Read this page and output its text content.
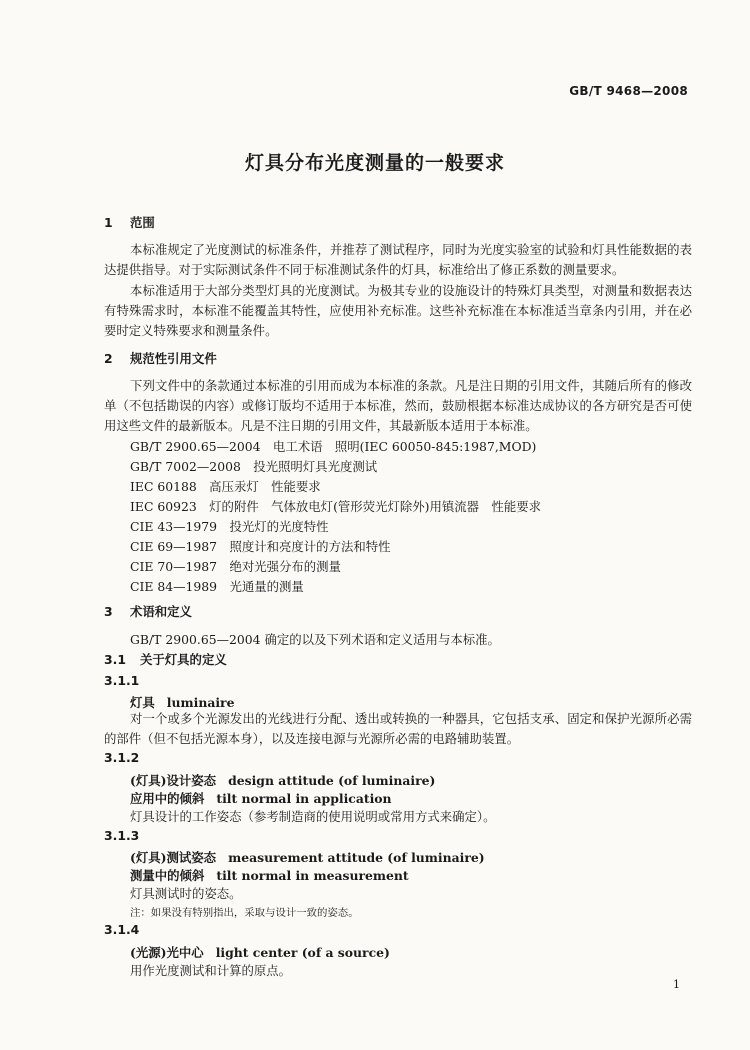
GB/T 9468—2008
灯具分布光度测量的一般要求
1 范围
本标准规定了光度测试的标准条件，并推荐了测试程序，同时为光度实验室的试验和灯具性能数据的表达提供指导。对于实际测试条件不同于标准测试条件的灯具，标准给出了修正系数的测量要求。
本标准适用于大部分类型灯具的光度测试。为极其专业的设施设计的特殊灯具类型，对测量和数据表达有特殊需求时，本标准不能覆盖其特性，应使用补充标准。这些补充标准在本标准适当章条内引用，并在必要时定义特殊要求和测量条件。
2 规范性引用文件
下列文件中的条款通过本标准的引用而成为本标准的条款。凡是注日期的引用文件，其随后所有的修改单（不包括勘误的内容）或修订版均不适用于本标准，然而，鼓励根据本标准达成协议的各方研究是否可使用这些文件的最新版本。凡是不注日期的引用文件，其最新版本适用于本标准。
GB/T 2900.65—2004　电工术语　照明(IEC 60050-845:1987,MOD)
GB/T 7002—2008　投光照明灯具光度测试
IEC 60188　高压汞灯　性能要求
IEC 60923　灯的附件　气体放电灯(管形荧光灯除外)用镇流器　性能要求
CIE 43—1979　投光灯的光度特性
CIE 69—1987　照度计和亮度计的方法和特性
CIE 70—1987　绝对光强分布的测量
CIE 84—1989　光通量的测量
3 术语和定义
GB/T 2900.65—2004 确定的以及下列术语和定义适用与本标准。
3.1 关于灯具的定义
3.1.1
灯具 luminaire
对一个或多个光源发出的光线进行分配、透出或转换的一种器具，它包括支承、固定和保护光源所必需的部件（但不包括光源本身），以及连接电源与光源所必需的电路辅助装置。
3.1.2
(灯具)设计姿态 design attitude (of luminaire)
应用中的倾斜 tilt normal in application
灯具设计的工作姿态（参考制造商的使用说明或常用方式来确定）。
3.1.3
(灯具)测试姿态 measurement attitude (of luminaire)
测量中的倾斜 tilt normal in measurement
灯具测试时的姿态。
注：如果没有特别指出，采取与设计一致的姿态。
3.1.4
(光源)光中心 light center (of a source)
用作光度测试和计算的原点。
1
